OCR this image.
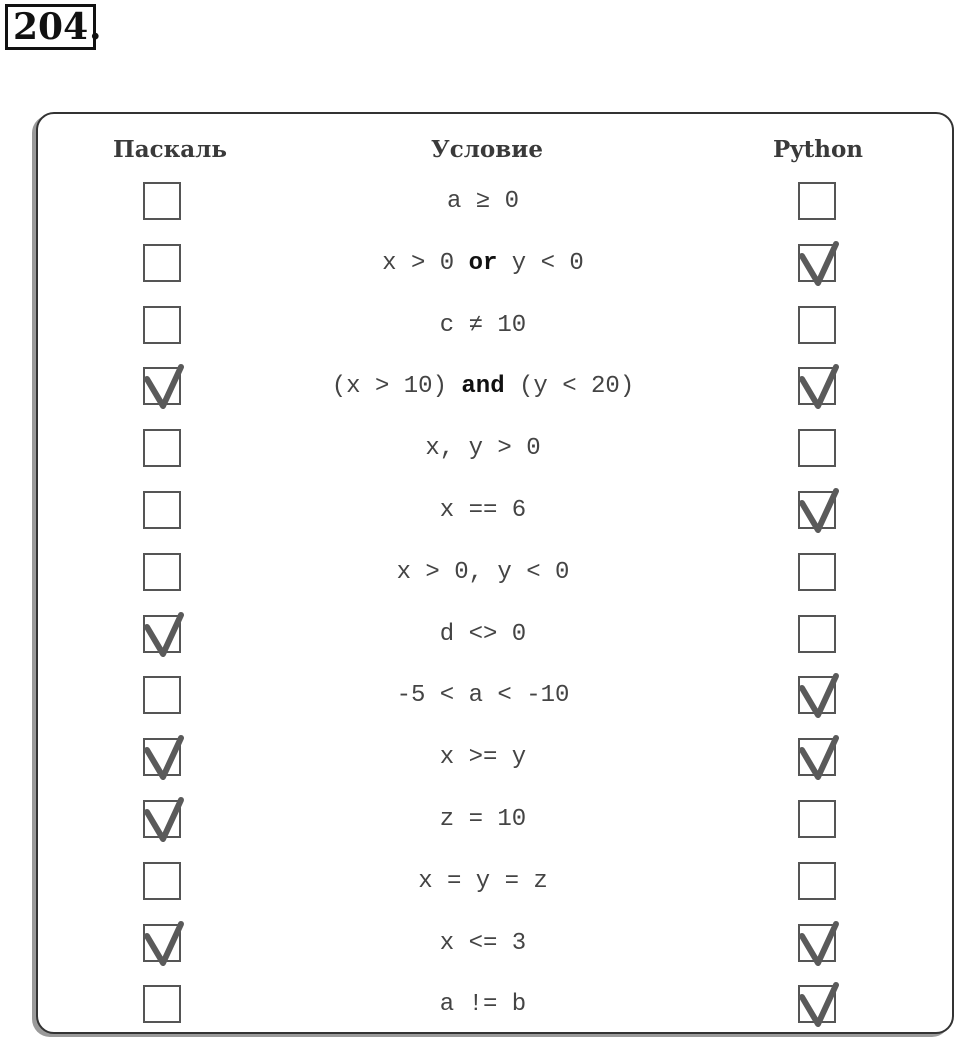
204 .
Паскаль	Условие	Python
a ≥ 0
x > 0 or y < 0
c ≠ 10
(x > 10) and (y < 20)
x, y > 0
x == 6
x > 0, y < 0
d <> 0
-5 < a < -10
x >= y
z = 10
x = y = z
x <= 3
a != b
